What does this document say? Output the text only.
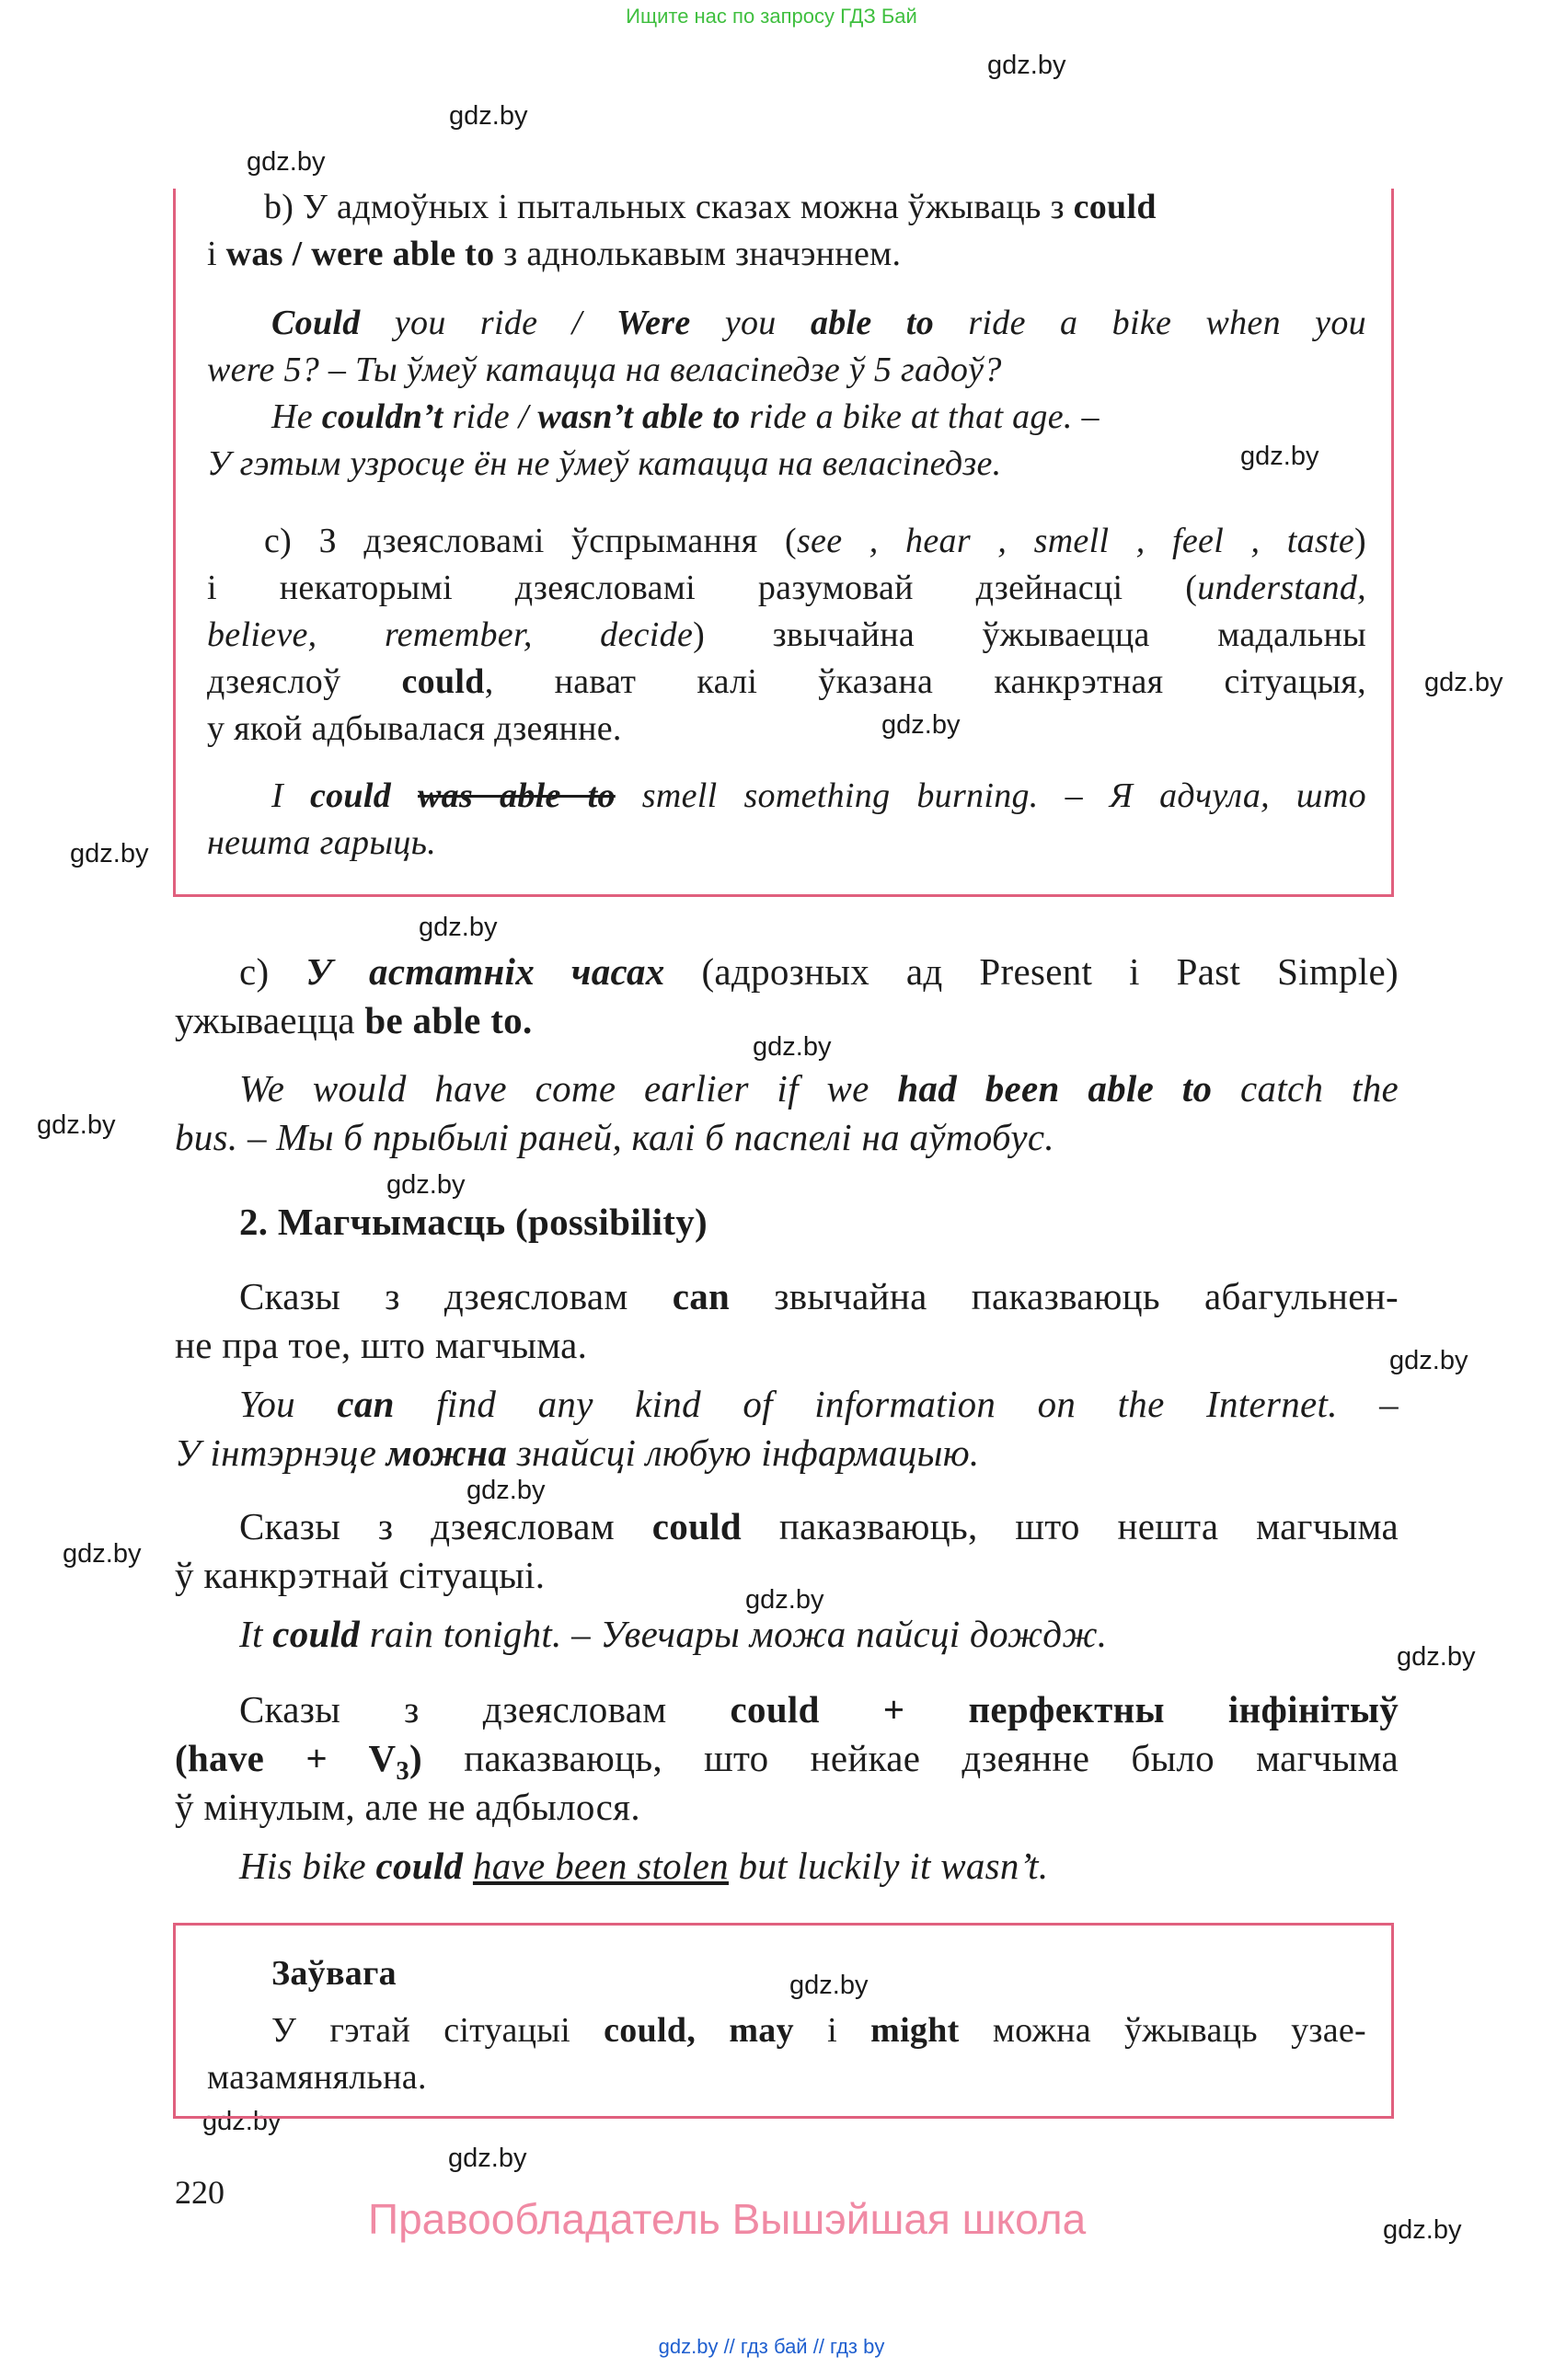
Ищите нас по запросу ГДЗ Бай
gdz.by
gdz.by
gdz.by
gdz.by
gdz.by
gdz.by
gdz.by
gdz.by
gdz.by
gdz.by
gdz.by
gdz.by
gdz.by
gdz.by
gdz.by
gdz.by
gdz.by
gdz.by
gdz.by
gdz.by
b) У адмоўных і пытальных сказах можна ўжываць з could
і was / were able to з аднолькавым значэннем.
Could you ride / Were you able to ride a bike when you
were 5? – Ты ўмеў катацца на веласіпедзе ў 5 гадоў?
He couldn’t ride / wasn’t able to ride a bike at that age. –
У гэтым узросце ён не ўмеў катацца на веласіпедзе.
c) З дзеясловамі ўспрымання (see , hear , smell , feel , taste)
і некаторымі дзеясловамі разумовай дзейнасці (understand,
believe, remember, decide) звычайна ўжываецца мадальны
дзеяслоў could, нават калі ўказана канкрэтная сітуацыя,
у якой адбывалася дзеянне.
I could was able to smell something burning. – Я адчула, што
нешта гарыць.
c) У астатніх часах (адрозных ад Present і Past Simple)
ужываецца be able to.
We would have come earlier if we had been able to catch the
bus. – Мы б прыбылі раней, калі б паспелі на аўтобус.
2. Магчымасць (possibility)
Сказы з дзеясловам can звычайна паказваюць абагульнен-
не пра тое, што магчыма.
You can find any kind of information on the Internet. –
У інтэрнэце можна знайсці любую інфармацыю.
Сказы з дзеясловам could паказваюць, што нешта магчыма
ў канкрэтнай сітуацыі.
It could rain tonight. – Увечары можа пайсці дождж.
Сказы з дзеясловам could + перфектны інфінітыў
(have + $V_3$) паказваюць, што нейкае дзеянне было магчыма
ў мінулым, але не адбылося.
His bike could have been stolen but luckily it wasn’t.
Заўвага
У гэтай сітуацыі could, may і might можна ўжываць узае-
мазамяняльна.
220
Правообладатель Вышэйшая школа
gdz.by // гдз бай // гдз by
